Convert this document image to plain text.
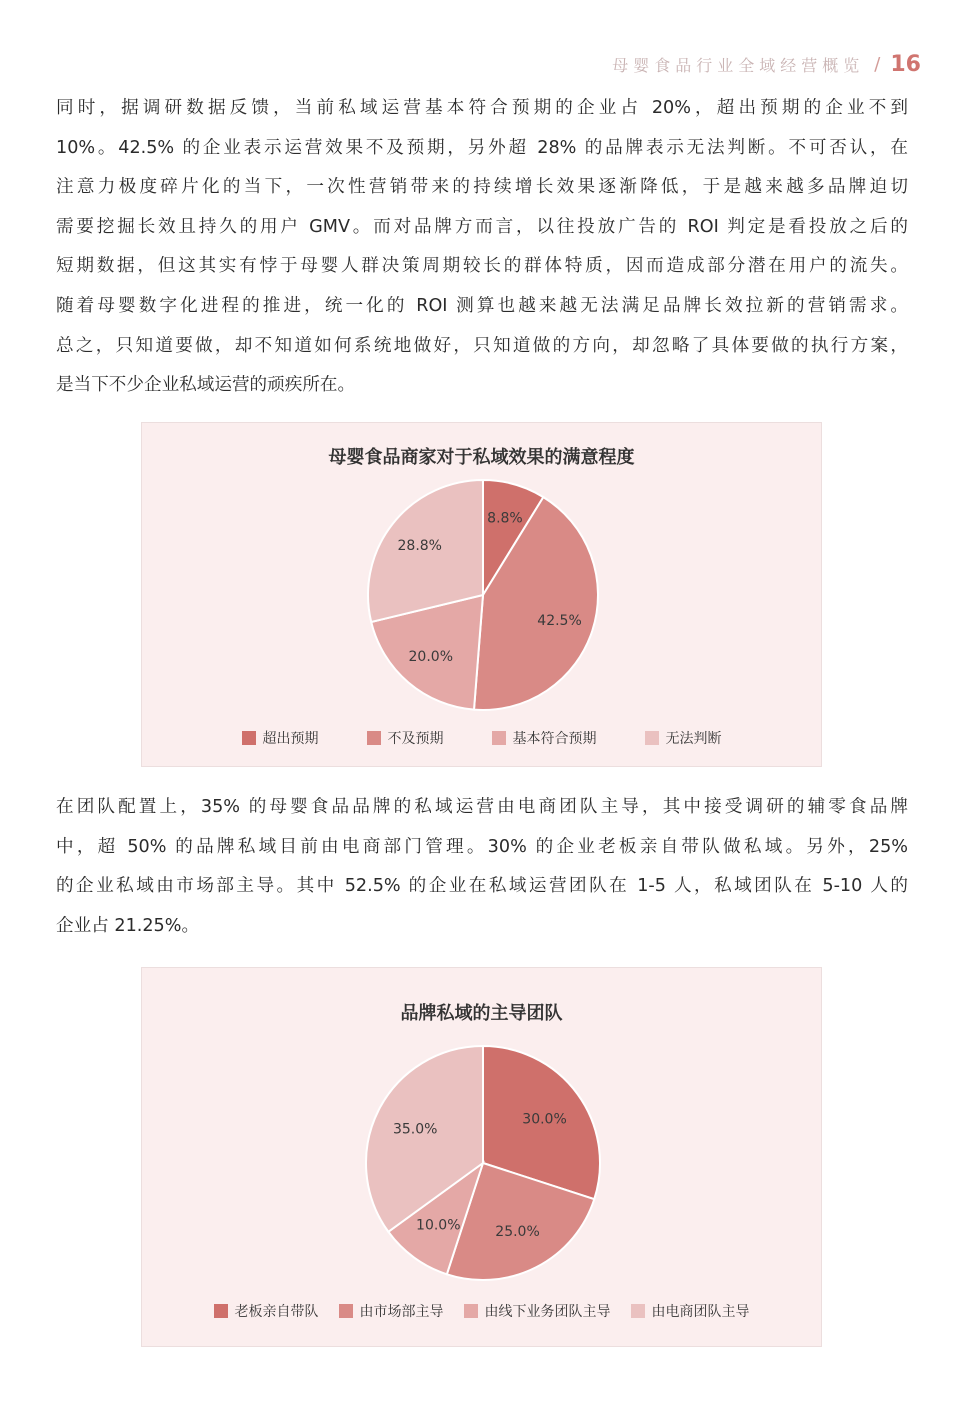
母婴食品行业全域经营概览 / 16
同时，据调研数据反馈，当前私域运营基本符合预期的企业占 20%，超出预期的企业不到
10%。42.5% 的企业表示运营效果不及预期，另外超 28% 的品牌表示无法判断。不可否认，在
注意力极度碎片化的当下，一次性营销带来的持续增长效果逐渐降低，于是越来越多品牌迫切
需要挖掘长效且持久的用户 GMV。而对品牌方而言，以往投放广告的 ROI 判定是看投放之后的
短期数据，但这其实有悖于母婴人群决策周期较长的群体特质，因而造成部分潜在用户的流失。
随着母婴数字化进程的推进，统一化的 ROI 测算也越来越无法满足品牌长效拉新的营销需求。
总之，只知道要做，却不知道如何系统地做好，只知道做的方向，却忽略了具体要做的执行方案，
是当下不少企业私域运营的顽疾所在。
母婴食品商家对于私域效果的满意程度
8.8%
42.5%
20.0%
28.8%
超出预期	不及预期	基本符合预期	无法判断
在团队配置上，35% 的母婴食品品牌的私域运营由电商团队主导，其中接受调研的辅零食品牌
中，超 50% 的品牌私域目前由电商部门管理。30% 的企业老板亲自带队做私域。另外，25%
的企业私域由市场部主导。其中 52.5% 的企业在私域运营团队在 1-5 人，私域团队在 5-10 人的
企业占 21.25%。
品牌私域的主导团队
30.0%
25.0%
10.0%
35.0%
老板亲自带队	由市场部主导	由线下业务团队主导	由电商团队主导
